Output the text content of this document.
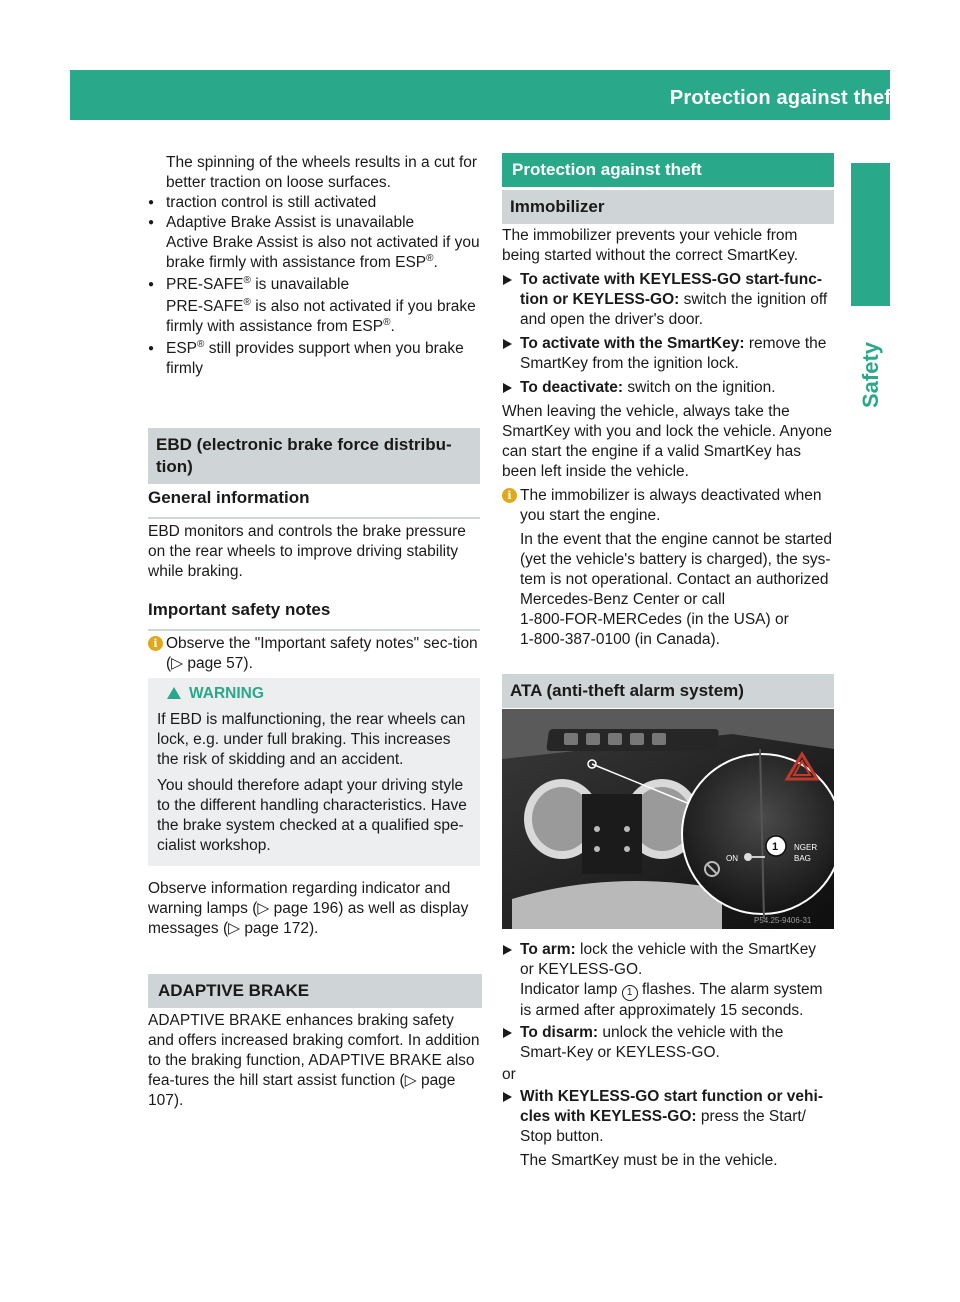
Protection against theft	63
Safety

The spinning of the wheels results in a cut for better traction on loose surfaces.

● traction control is still activated

● Adaptive Brake Assist is unavailable

Active Brake Assist is also not activated if you brake firmly with assistance from ESP®.

● PRE-SAFE® is unavailable

PRE-SAFE® is also not activated if you brake firmly with assistance from ESP®.

● ESP® still provides support when you brake firmly

EBD (electronic brake force distribu-tion)
General information

EBD monitors and controls the brake pressure on the rear wheels to improve driving stability while braking.

Important safety notes
i Observe the "Important safety notes" sec-tion (▷ page 57).
WARNING

If EBD is malfunctioning, the rear wheels can lock, e.g. under full braking. This increases the risk of skidding and an accident.

You should therefore adapt your driving style to the different handling characteristics. Have the brake system checked at a qualified spe-cialist workshop.

Observe information regarding indicator and warning lamps (▷ page 196) as well as display messages (▷ page 172).

ADAPTIVE BRAKE

ADAPTIVE BRAKE enhances braking safety and offers increased braking comfort. In addition to the braking function, ADAPTIVE BRAKE also fea-tures the hill start assist function (▷ page 107).

Protection against theft
Immobilizer

The immobilizer prevents your vehicle from being started without the correct SmartKey.

To activate with KEYLESS-GO start-func-tion or KEYLESS-GO: switch the ignition off and open the driver's door.

To activate with the SmartKey: remove the SmartKey from the ignition lock.

To deactivate: switch on the ignition.

When leaving the vehicle, always take the SmartKey with you and lock the vehicle. Anyone can start the engine if a valid SmartKey has been left inside the vehicle.

i The immobilizer is always deactivated when you start the engine.

In the event that the engine cannot be started (yet the vehicle's battery is charged), the sys-tem is not operational. Contact an authorized Mercedes-Benz Center or call

1-800-FOR-MERCedes (in the USA) or

1-800-387-0100 (in Canada).

ATA (anti-theft alarm system)
ON
1 NGER
BAG
P54.25-9406-31

To arm: lock the vehicle with the SmartKey or KEYLESS-GO.

Indicator lamp 1 flashes. The alarm system is armed after approximately 15 seconds.

To disarm: unlock the vehicle with the Smart-Key or KEYLESS-GO.

or

With KEYLESS-GO start function or vehi-cles with KEYLESS-GO: press the Start/ Stop button.

The SmartKey must be in the vehicle.
